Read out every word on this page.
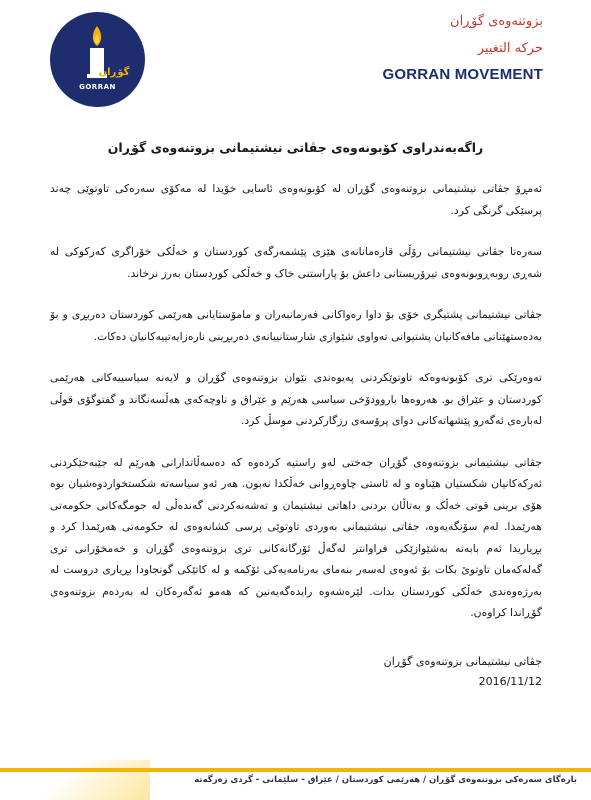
گۆڕان
GORRAN
بزوتنەوەی گۆڕان
حركه التغيير
GORRAN MOVEMENT
راگەیەندراوی کۆبونەوەی جڤاتی نیشتیمانی بزوتنەوەی گۆڕان

ئەمڕۆ جڤاتی نیشتیمانی بزوتنەوەی گۆڕان لە کۆبونەوەی ئاسایی خۆیدا لە مەکۆی سەرەکی تاوتوێی چەند پرسێکی گرنگی کرد.

سەرەتا جڤاتی نیشتیمانی رۆڵی قارەمانانەی هێزی پێشمەرگەی کوردستان و خەڵکی خۆراگری کەرکوکی لە شەڕی روبەڕوبونەوەی تیرۆریستانی داعش بۆ پاراستنی خاک و خەڵکی کوردستان بەرز نرخاند.

جڤاتی نیشتیمانی پشتیگری خۆی بۆ داوا رەواکانی فەرمانبەران و مامۆستایانی هەرێمی کوردستان دەربڕی و بۆ بەدەستهێنانی مافەکانیان پشتیوانی تەواوی شێوازی شارستانییانەی دەربڕینی نارەزایەتییەکانیان دەکات.

تەوەرێکی تری کۆبونەوەکە تاوتوێکردنی پەیوەندی نێوان بزوتنەوەی گۆڕان و لایەنە سیاسییەکانی هەرێمی کوردستان و عێراق بو. هەروەها باروودۆخی سیاسی هەرێم و عێراق و ناوچەکەی هەڵسەنگاند و گفتوگۆی قوڵی لەبارەی ئەگەرو پێشهاتەکانی دوای پرۆسەی رزگارکردنی موسڵ کرد.

جڤاتی نیشتیمانی بزوتنەوەی گۆڕان جەختی لەو راستیە کردەوە کە دەسەڵاتدارانی هەرێم لە جێبەجێکردنی ئەرکەکانیان شکستیان هێناوە و لە ئاستی چاوەڕوانی خەڵکدا نەبون. هەر ئەو سیاسەتە شکستخواردوەشیان بوە هۆی برینی قوتی خەڵک و بەتاڵان بردنی داهاتی نیشتیمان و تەشەنەکردنی گەندەڵی لە جومگەکانی حکومەتی هەرێمدا. لەم سۆنگەیەوە، جڤاتی نیشتیمانی بەوردی تاوتوێی پرسی کشانەوەی لە حکومەتی هەرێمدا کرد و بڕیاریدا ئەم بابەتە بەشێوازێکی فراوانتر لەگەڵ ئۆرگانەکانی تری بزوتنەوەی گۆڕان و خەمخۆرانی تری گەلەکەمان تاوتوێ بکات بۆ ئەوەی لەسەر بنەمای بەرنامەیەکی ئۆکمە و لە کاتێکی گونجاودا بڕیاری دروست لە بەرژەوەندی خەڵکی کوردستان بدات. لێرەشەوە رایدەگەیەنین کە هەمو ئەگەرەکان لە بەردەم بزوتنەوەی گۆڕاندا کراوەن.

جڤاتی نیشتیمانی بزوتنەوەی گۆڕان
2016/11/12
بارەگای سەرەکی بزوتنەوەی گۆڕان / هەرێمی کوردستان / عێراق - سلێمانی - گردی زەرگەتە
